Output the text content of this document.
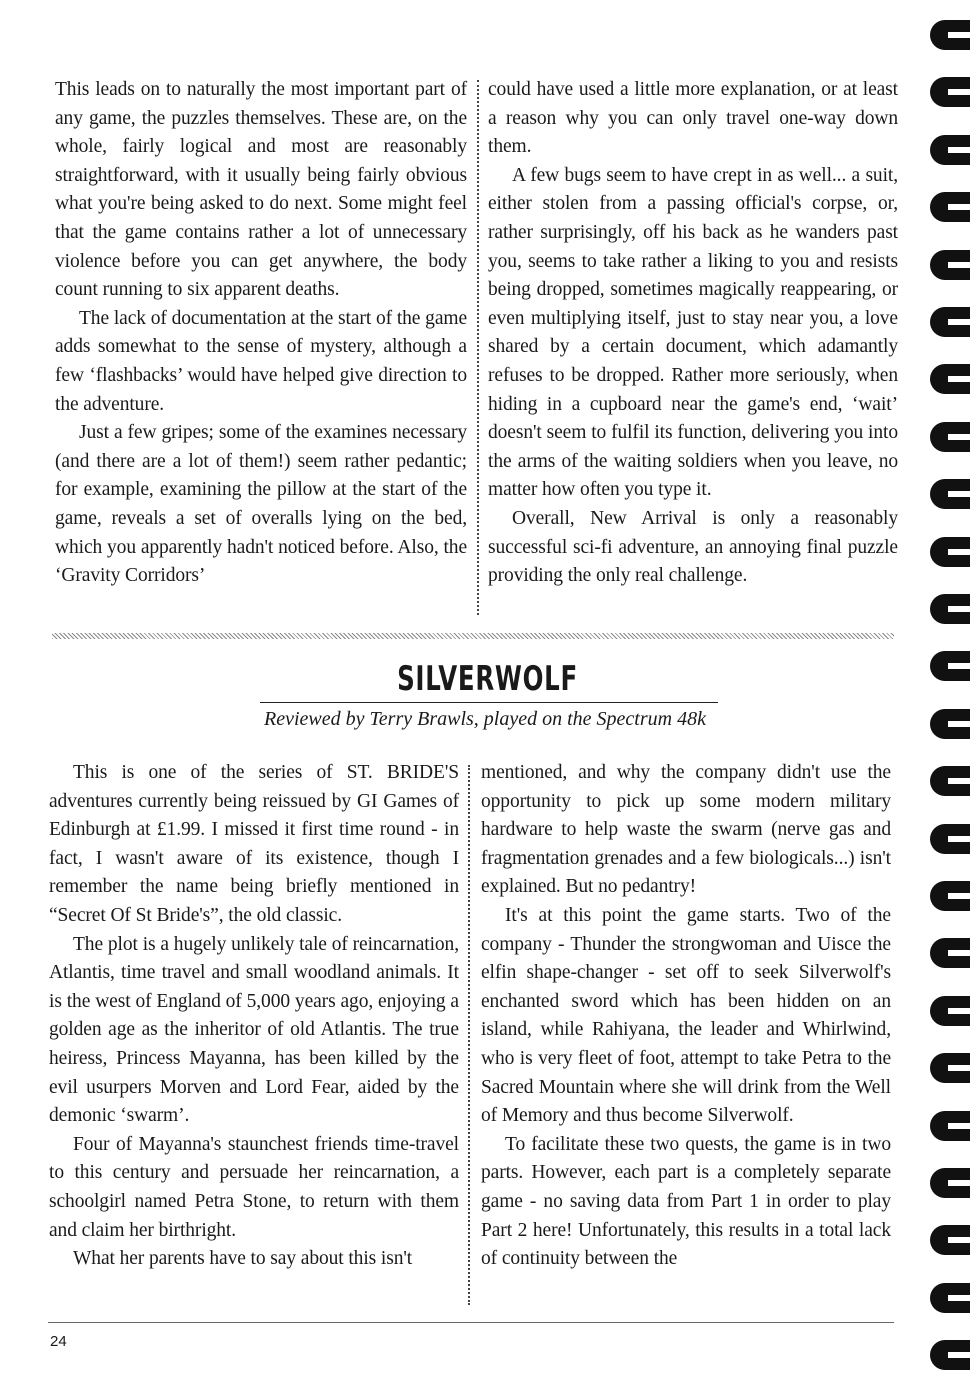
This leads on to naturally the most important part of any game, the puzzles themselves. These are, on the whole, fairly logical and most are reasonably straightforward, with it usually being fairly obvious what you're being asked to do next. Some might feel that the game contains rather a lot of unnecessary violence before you can get anywhere, the body count running to six apparent deaths.

The lack of documentation at the start of the game adds somewhat to the sense of mystery, although a few ‘flashbacks’ would have helped give direction to the adventure.

Just a few gripes; some of the examines necessary (and there are a lot of them!) seem rather pedantic; for example, examining the pillow at the start of the game, reveals a set of overalls lying on the bed, which you apparently hadn't noticed before. Also, the ‘Gravity Corridors’

could have used a little more explanation, or at least a reason why you can only travel one-way down them.

A few bugs seem to have crept in as well... a suit, either stolen from a passing official's corpse, or, rather surprisingly, off his back as he wanders past you, seems to take rather a liking to you and resists being dropped, sometimes magically reappearing, or even multiplying itself, just to stay near you, a love shared by a certain document, which adamantly refuses to be dropped. Rather more seriously, when hiding in a cupboard near the game's end, ‘wait’ doesn't seem to fulfil its function, delivering you into the arms of the waiting soldiers when you leave, no matter how often you type it.

Overall, New Arrival is only a reasonably successful sci-fi adventure, an annoying final puzzle providing the only real challenge.

SILVERWOLF
Reviewed by Terry Brawls, played on the Spectrum 48k

This is one of the series of ST. BRIDE'S adventures currently being reissued by GI Games of Edinburgh at £1.99. I missed it first time round - in fact, I wasn't aware of its existence, though I remember the name being briefly mentioned in “Secret Of St Bride's”, the old classic.

The plot is a hugely unlikely tale of reincarnation, Atlantis, time travel and small woodland animals. It is the west of England of 5,000 years ago, enjoying a golden age as the inheritor of old Atlantis. The true heiress, Princess Mayanna, has been killed by the evil usurpers Morven and Lord Fear, aided by the demonic ‘swarm’.

Four of Mayanna's staunchest friends time-travel to this century and persuade her reincarnation, a schoolgirl named Petra Stone, to return with them and claim her birthright.

What her parents have to say about this isn't

mentioned, and why the company didn't use the opportunity to pick up some modern military hardware to help waste the swarm (nerve gas and fragmentation grenades and a few biologicals...) isn't explained. But no pedantry!

It's at this point the game starts. Two of the company - Thunder the strongwoman and Uisce the elfin shape-changer - set off to seek Silverwolf's enchanted sword which has been hidden on an island, while Rahiyana, the leader and Whirlwind, who is very fleet of foot, attempt to take Petra to the Sacred Mountain where she will drink from the Well of Memory and thus become Silverwolf.

To facilitate these two quests, the game is in two parts. However, each part is a completely separate game - no saving data from Part 1 in order to play Part 2 here! Unfortunately, this results in a total lack of continuity between the

24
